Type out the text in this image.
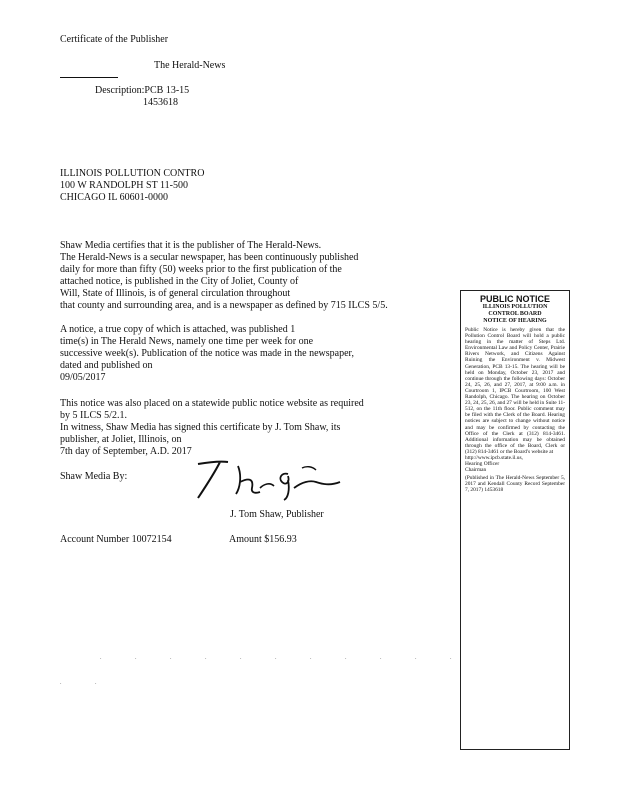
Certificate of the Publisher
The Herald-News
Description:PCB 13-15
1453618
ILLINOIS POLLUTION CONTRO
100 W RANDOLPH ST 11-500
CHICAGO IL 60601-0000
Shaw Media certifies that it is the publisher of The Herald-News.
The Herald-News is a secular newspaper, has been continuously published
daily for more than fifty (50) weeks prior to the first publication of the
attached notice, is published in the City of Joliet, County of
Will, State of Illinois, is of general circulation throughout
that county and surrounding area, and is a newspaper as defined by 715 ILCS 5/5.
A notice, a true copy of which is attached, was published 1
time(s) in The Herald News, namely one time per week for one
successive week(s). Publication of the notice was made in the newspaper,
dated and published on
09/05/2017
This notice was also placed on a statewide public notice website as required
by 5 ILCS 5/2.1.
In witness, Shaw Media has signed this certificate by J. Tom Shaw, its
publisher, at Joliet, Illinois, on
7th day of September, A.D. 2017
Shaw Media By:
J. Tom Shaw, Publisher
Account Number 10072154	Amount $156.93
PUBLIC NOTICE
ILLINOIS POLLUTION
CONTROL BOARD
NOTICE OF HEARING
Public Notice is hereby given that the Pollution Control Board will hold a public hearing in the matter of Steps Ltd. Environmental Law and Policy Center, Prairie Rivers Network, and Citizens Against Ruining the Environment v. Midwest Generation, PCB 13-15. The hearing will be held on Monday, October 23, 2017 and continue through the following days: October 24, 25, 26, and 27, 2017, at 9:00 a.m. in Courtroom 1, IPCB Courtroom, 100 West Randolph, Chicago. The hearing on October 23, 24, 25, 26, and 27 will be held in Suite 11-512, on the 11th floor. Public comment may be filed with the Clerk of the Board. Hearing notices are subject to change without notice and may be confirmed by contacting the Office of the Clerk at (312) 814-3461. Additional information may be obtained through the office of the Board, Clerk or (312) 814-3461 or the Board's website at
http://www.ipcb.state.il.us,
Hearing Officer
Chairman
(Published in The Herald-News September 5, 2017 and Kendall County Record September 7, 2017) 1453618
. . . . . . . . . . .
. .
